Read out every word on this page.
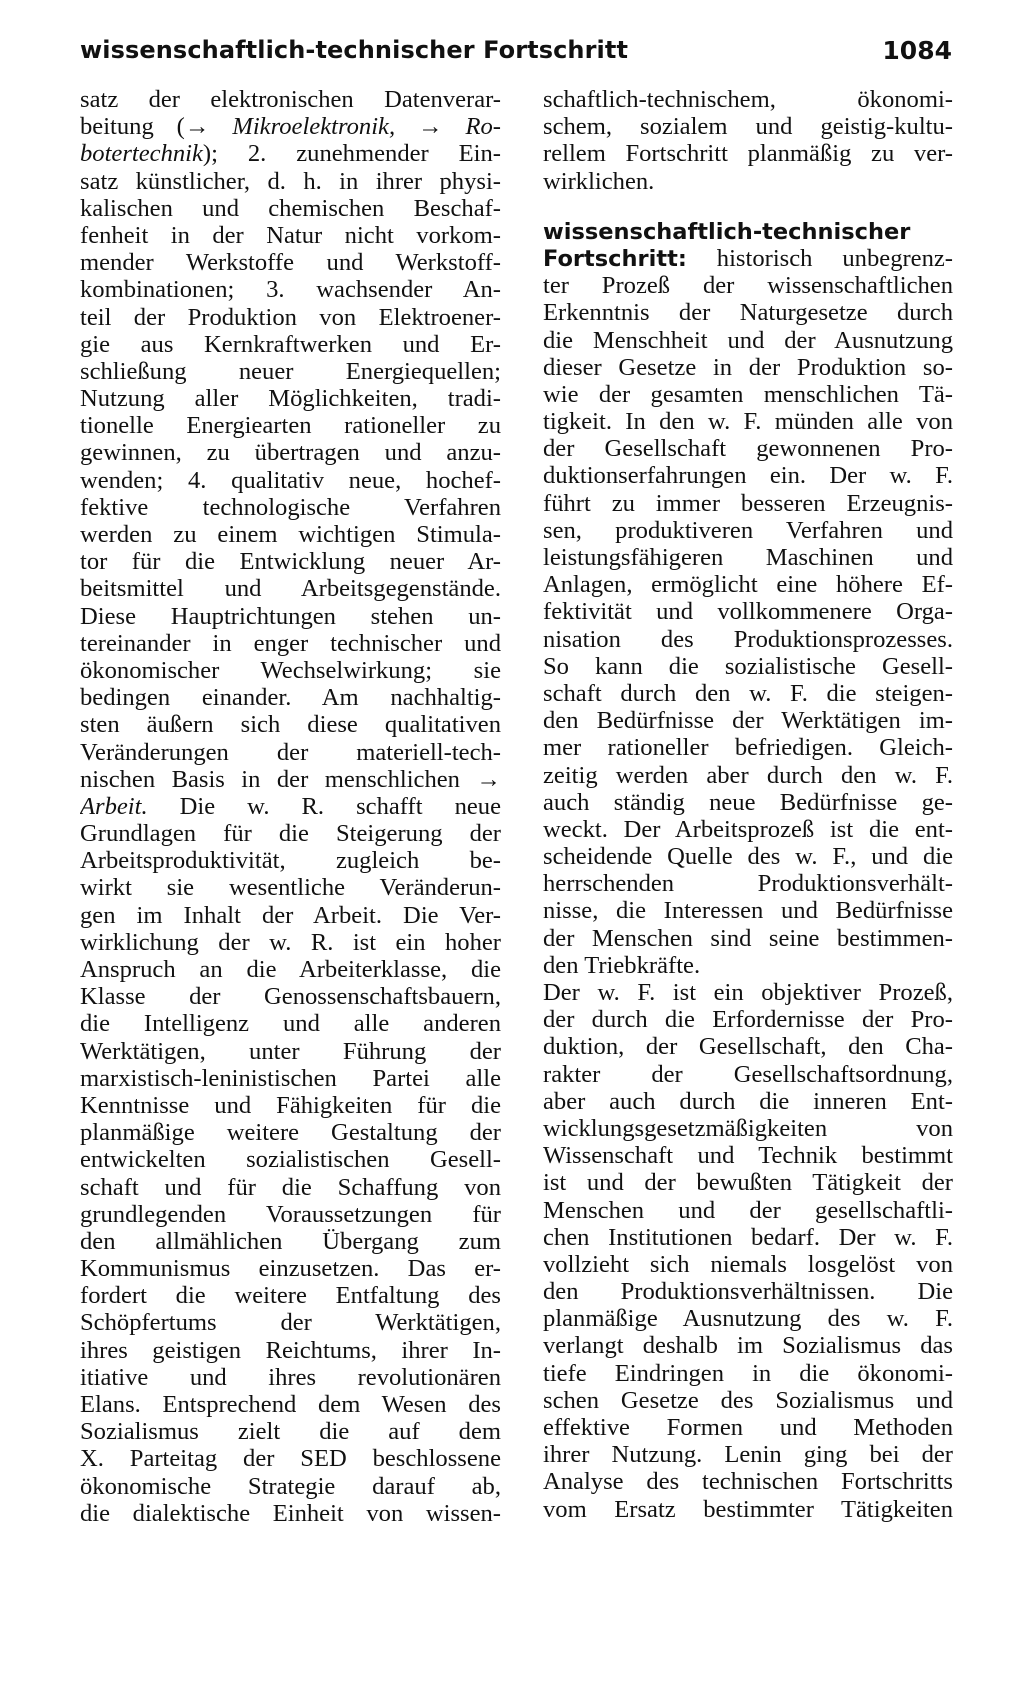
wissenschaftlich-technischer Fortschritt	1084
satz der elektronischen Datenverar-
beitung (→ Mikroelektronik, → Ro-
botertechnik); 2. zunehmender Ein-
satz künstlicher, d. h. in ihrer physi-
kalischen und chemischen Beschaf-
fenheit in der Natur nicht vorkom-
mender Werkstoffe und Werkstoff-
kombinationen; 3. wachsender An-
teil der Produktion von Elektroener-
gie aus Kernkraftwerken und Er-
schließung neuer Energiequellen;
Nutzung aller Möglichkeiten, tradi-
tionelle Energiearten rationeller zu
gewinnen, zu übertragen und anzu-
wenden; 4. qualitativ neue, hochef-
fektive technologische Verfahren
werden zu einem wichtigen Stimula-
tor für die Entwicklung neuer Ar-
beitsmittel und Arbeitsgegenstände.
Diese Hauptrichtungen stehen un-
tereinander in enger technischer und
ökonomischer Wechselwirkung; sie
bedingen einander. Am nachhaltig-
sten äußern sich diese qualitativen
Veränderungen der materiell-tech-
nischen Basis in der menschlichen →
Arbeit. Die w. R. schafft neue
Grundlagen für die Steigerung der
Arbeitsproduktivität, zugleich be-
wirkt sie wesentliche Veränderun-
gen im Inhalt der Arbeit. Die Ver-
wirklichung der w. R. ist ein hoher
Anspruch an die Arbeiterklasse, die
Klasse der Genossenschaftsbauern,
die Intelligenz und alle anderen
Werktätigen, unter Führung der
marxistisch-leninistischen Partei alle
Kenntnisse und Fähigkeiten für die
planmäßige weitere Gestaltung der
entwickelten sozialistischen Gesell-
schaft und für die Schaffung von
grundlegenden Voraussetzungen für
den allmählichen Übergang zum
Kommunismus einzusetzen. Das er-
fordert die weitere Entfaltung des
Schöpfertums der Werktätigen,
ihres geistigen Reichtums, ihrer In-
itiative und ihres revolutionären
Elans. Entsprechend dem Wesen des
Sozialismus zielt die auf dem
X. Parteitag der SED beschlossene
ökonomische Strategie darauf ab,
die dialektische Einheit von wissen-
schaftlich-technischem, ökonomi-
schem, sozialem und geistig-kultu-
rellem Fortschritt planmäßig zu ver-
wirklichen.
wissenschaftlich-technischer
Fortschritt: historisch unbegrenz-
ter Prozeß der wissenschaftlichen
Erkenntnis der Naturgesetze durch
die Menschheit und der Ausnutzung
dieser Gesetze in der Produktion so-
wie der gesamten menschlichen Tä-
tigkeit. In den w. F. münden alle von
der Gesellschaft gewonnenen Pro-
duktionserfahrungen ein. Der w. F.
führt zu immer besseren Erzeugnis-
sen, produktiveren Verfahren und
leistungsfähigeren Maschinen und
Anlagen, ermöglicht eine höhere Ef-
fektivität und vollkommenere Orga-
nisation des Produktionsprozesses.
So kann die sozialistische Gesell-
schaft durch den w. F. die steigen-
den Bedürfnisse der Werktätigen im-
mer rationeller befriedigen. Gleich-
zeitig werden aber durch den w. F.
auch ständig neue Bedürfnisse ge-
weckt. Der Arbeitsprozeß ist die ent-
scheidende Quelle des w. F., und die
herrschenden Produktionsverhält-
nisse, die Interessen und Bedürfnisse
der Menschen sind seine bestimmen-
den Triebkräfte.
Der w. F. ist ein objektiver Prozeß,
der durch die Erfordernisse der Pro-
duktion, der Gesellschaft, den Cha-
rakter der Gesellschaftsordnung,
aber auch durch die inneren Ent-
wicklungsgesetzmäßigkeiten von
Wissenschaft und Technik bestimmt
ist und der bewußten Tätigkeit der
Menschen und der gesellschaftli-
chen Institutionen bedarf. Der w. F.
vollzieht sich niemals losgelöst von
den Produktionsverhältnissen. Die
planmäßige Ausnutzung des w. F.
verlangt deshalb im Sozialismus das
tiefe Eindringen in die ökonomi-
schen Gesetze des Sozialismus und
effektive Formen und Methoden
ihrer Nutzung. Lenin ging bei der
Analyse des technischen Fortschritts
vom Ersatz bestimmter Tätigkeiten
